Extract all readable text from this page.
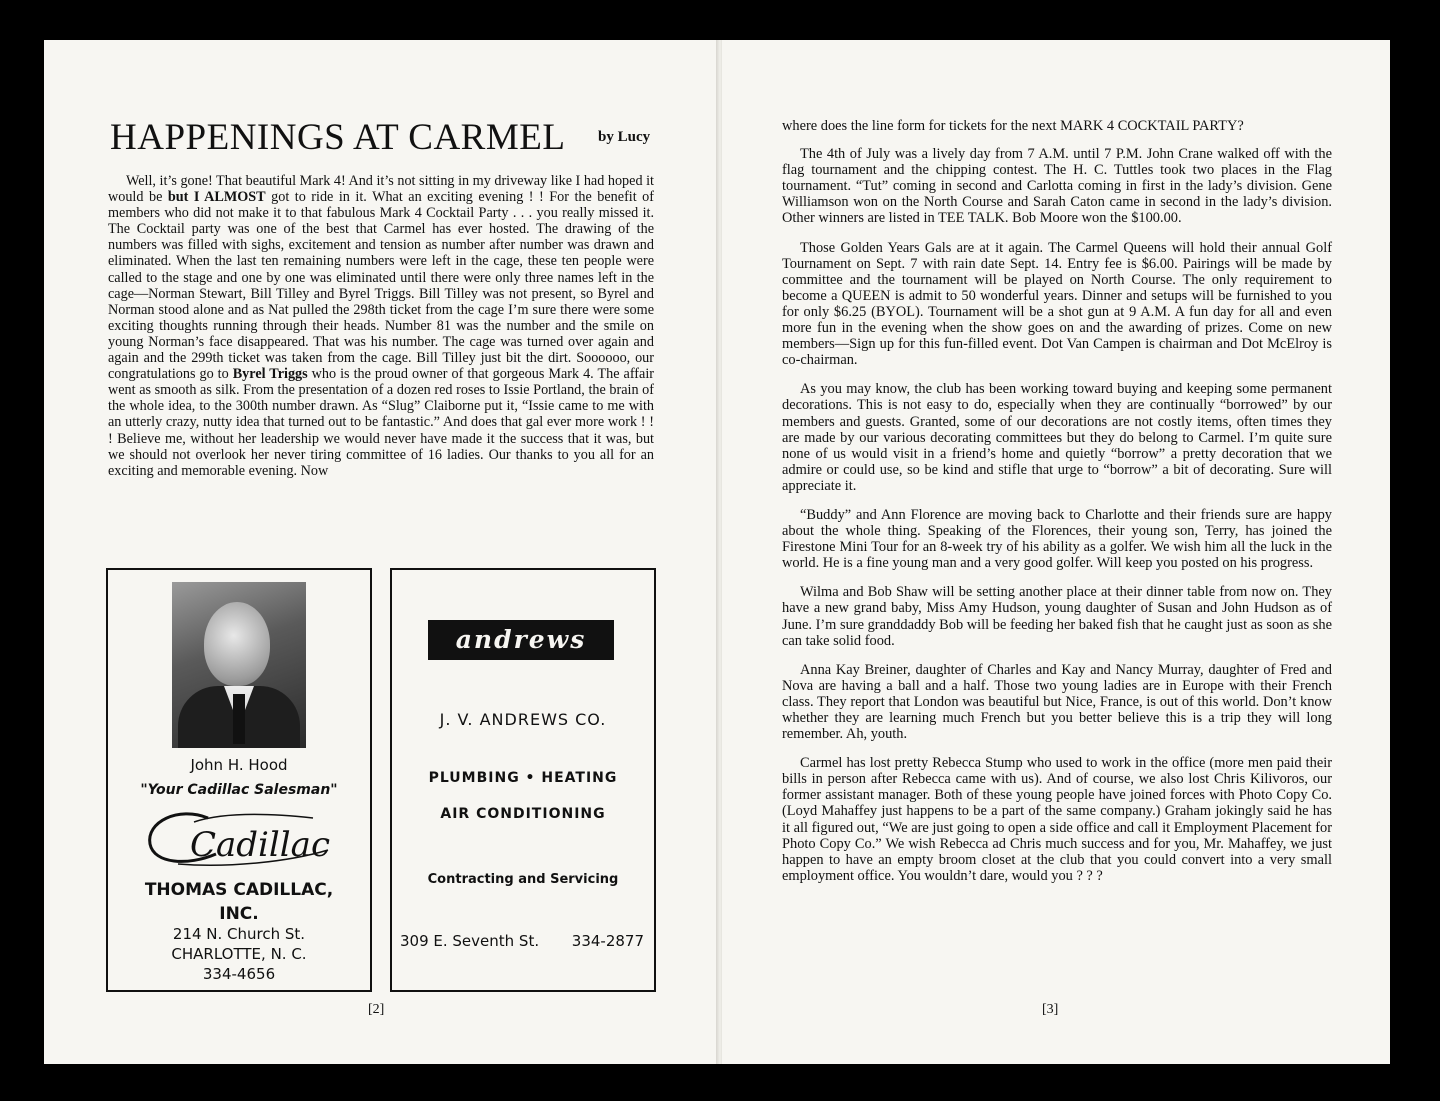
HAPPENINGS AT CARMEL by Lucy

Well, it’s gone! That beautiful Mark 4! And it’s not sitting in my driveway like I had hoped it would be but I ALMOST got to ride in it. What an exciting evening ! ! For the benefit of members who did not make it to that fabulous Mark 4 Cocktail Party . . . you really missed it. The Cocktail party was one of the best that Carmel has ever hosted. The drawing of the numbers was filled with sighs, excitement and tension as number after number was drawn and eliminated. When the last ten remaining numbers were left in the cage, these ten people were called to the stage and one by one was eliminated until there were only three names left in the cage—Norman Stewart, Bill Tilley and Byrel Triggs. Bill Tilley was not present, so Byrel and Norman stood alone and as Nat pulled the 298th ticket from the cage I’m sure there were some exciting thoughts running through their heads. Number 81 was the number and the smile on young Norman’s face disappeared. That was his number. The cage was turned over again and again and the 299th ticket was taken from the cage. Bill Tilley just bit the dirt. Soooooo, our congratulations go to Byrel Triggs who is the proud owner of that gorgeous Mark 4. The affair went as smooth as silk. From the presentation of a dozen red roses to Issie Portland, the brain of the whole idea, to the 300th number drawn. As “Slug” Claiborne put it, “Issie came to me with an utterly crazy, nutty idea that turned out to be fantastic.” And does that gal ever more work ! ! ! Believe me, without her leadership we would never have made it the success that it was, but we should not overlook her never tiring committee of 16 ladies. Our thanks to you all for an exciting and memorable evening. Now

John H. Hood
"Your Cadillac Salesman"
Cadillac
THOMAS CADILLAC,
INC.
214 N. Church St.
CHARLOTTE, N. C.
334-4656
andrews
J. V. ANDREWS CO.
PLUMBING • HEATING
AIR CONDITIONING
Contracting and Servicing
309 E. Seventh St. 334-2877
[2]

where does the line form for tickets for the next MARK 4 COCKTAIL PARTY?

The 4th of July was a lively day from 7 A.M. until 7 P.M. John Crane walked off with the flag tournament and the chipping contest. The H. C. Tuttles took two places in the Flag tournament. “Tut” coming in second and Carlotta coming in first in the lady’s division. Gene Williamson won on the North Course and Sarah Caton came in second in the lady’s division. Other winners are listed in TEE TALK. Bob Moore won the $100.00.

Those Golden Years Gals are at it again. The Carmel Queens will hold their annual Golf Tournament on Sept. 7 with rain date Sept. 14. Entry fee is $6.00. Pairings will be made by committee and the tournament will be played on North Course. The only requirement to become a QUEEN is admit to 50 wonderful years. Dinner and setups will be furnished to you for only $6.25 (BYOL). Tournament will be a shot gun at 9 A.M. A fun day for all and even more fun in the evening when the show goes on and the awarding of prizes. Come on new members—Sign up for this fun-filled event. Dot Van Campen is chairman and Dot McElroy is co-chairman.

As you may know, the club has been working toward buying and keeping some permanent decorations. This is not easy to do, especially when they are continually “borrowed” by our members and guests. Granted, some of our decorations are not costly items, often times they are made by our various decorating committees but they do belong to Carmel. I’m quite sure none of us would visit in a friend’s home and quietly “borrow” a pretty decoration that we admire or could use, so be kind and stifle that urge to “borrow” a bit of decorating. Sure will appreciate it.

“Buddy” and Ann Florence are moving back to Charlotte and their friends sure are happy about the whole thing. Speaking of the Florences, their young son, Terry, has joined the Firestone Mini Tour for an 8-week try of his ability as a golfer. We wish him all the luck in the world. He is a fine young man and a very good golfer. Will keep you posted on his progress.

Wilma and Bob Shaw will be setting another place at their dinner table from now on. They have a new grand baby, Miss Amy Hudson, young daughter of Susan and John Hudson as of June. I’m sure granddaddy Bob will be feeding her baked fish that he caught just as soon as she can take solid food.

Anna Kay Breiner, daughter of Charles and Kay and Nancy Murray, daughter of Fred and Nova are having a ball and a half. Those two young ladies are in Europe with their French class. They report that London was beautiful but Nice, France, is out of this world. Don’t know whether they are learning much French but you better believe this is a trip they will long remember. Ah, youth.

Carmel has lost pretty Rebecca Stump who used to work in the office (more men paid their bills in person after Rebecca came with us). And of course, we also lost Chris Kilivoros, our former assistant manager. Both of these young people have joined forces with Photo Copy Co. (Loyd Mahaffey just happens to be a part of the same company.) Graham jokingly said he has it all figured out, “We are just going to open a side office and call it Employment Placement for Photo Copy Co.” We wish Rebecca ad Chris much success and for you, Mr. Mahaffey, we just happen to have an empty broom closet at the club that you could convert into a very small employment office. You wouldn’t dare, would you ? ? ?

[3]
